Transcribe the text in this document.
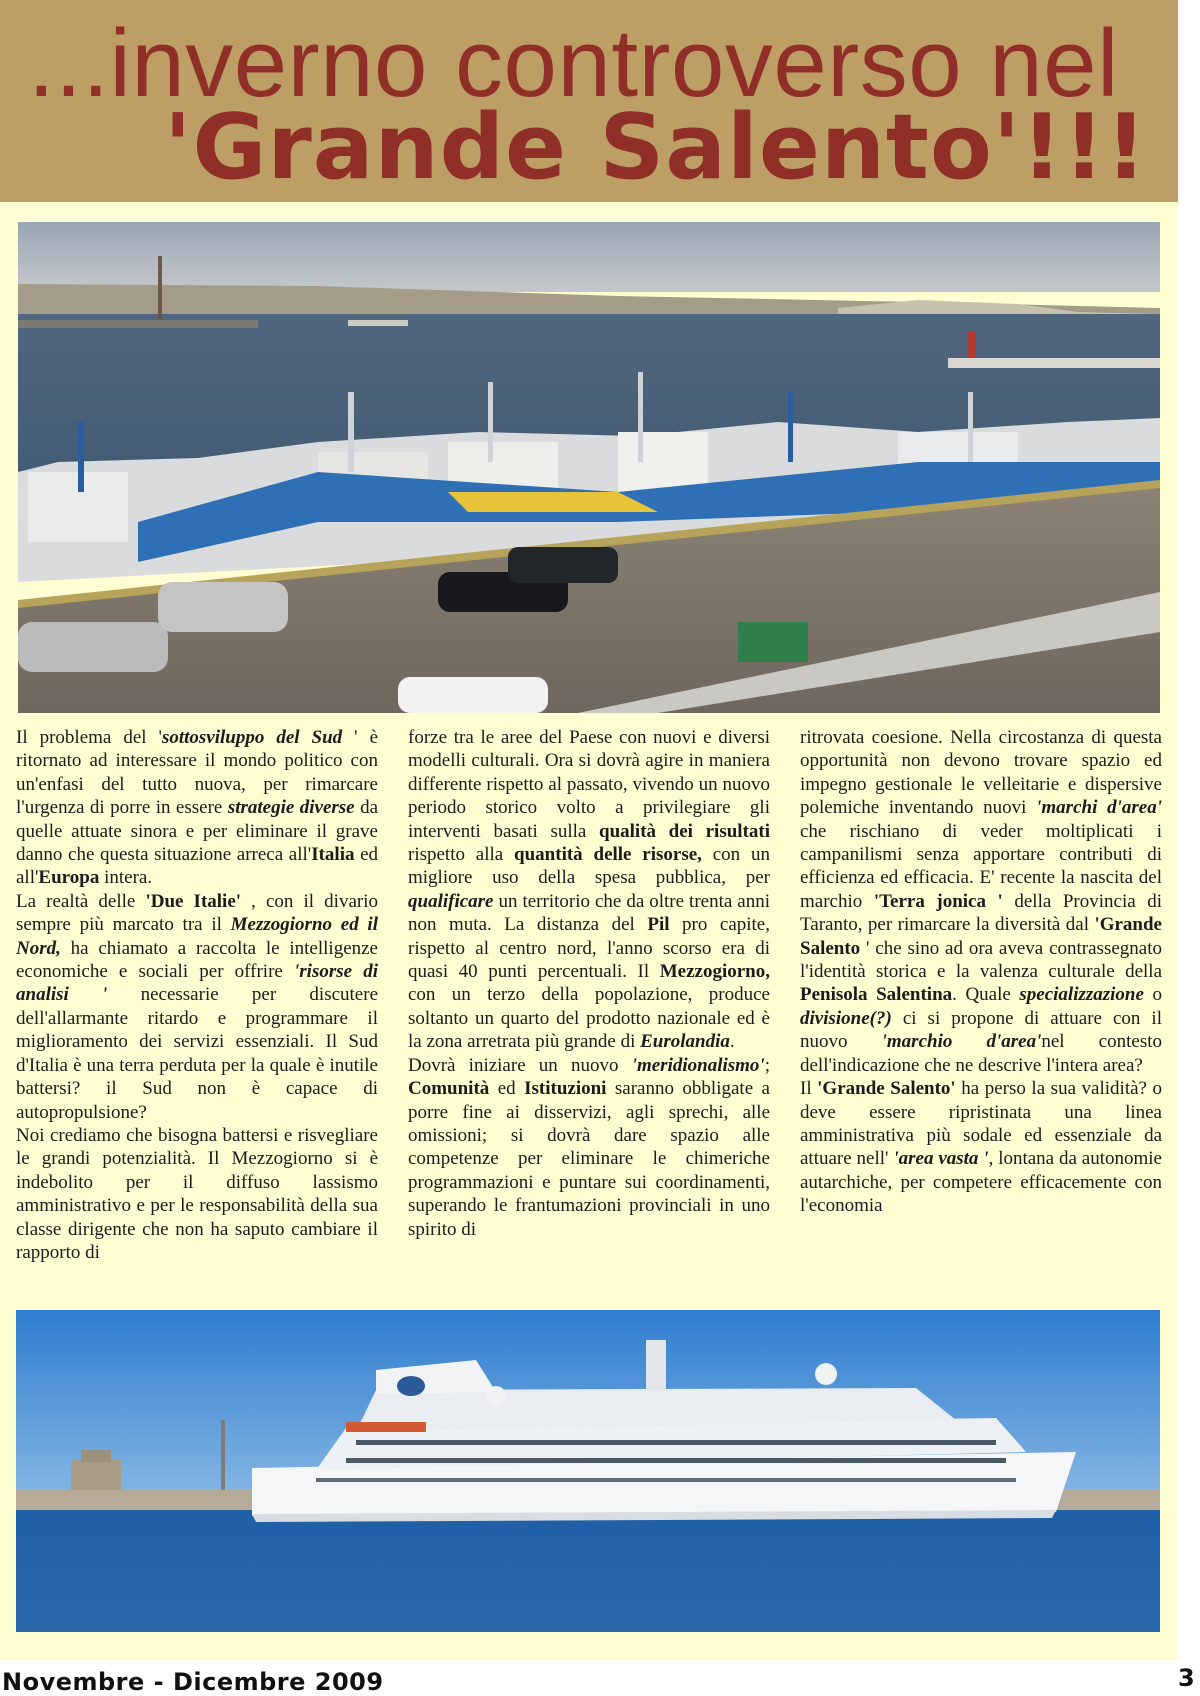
...inverno controverso nel
'Grande Salento'!!!

Il problema del 'sottosviluppo del Sud ' è ritornato ad interessare il mondo politico con un'enfasi del tutto nuova, per rimarcare l'urgenza di porre in essere strategie diverse da quelle attuate sinora e per eliminare il grave danno che questa situazione arreca all'Italia ed all'Europa intera.

La realtà delle 'Due Italie' , con il divario sempre più marcato tra il Mezzogiorno ed il Nord, ha chiamato a raccolta le intelligenze economiche e sociali per offrire 'risorse di analisi ' necessarie per discutere dell'allarmante ritardo e programmare il miglioramento dei servizi essenziali. Il Sud d'Italia è una terra perduta per la quale è inutile battersi? il Sud non è capace di autopropulsione?

Noi crediamo che bisogna battersi e risvegliare le grandi potenzialità. Il Mezzogiorno si è indebolito per il diffuso lassismo amministrativo e per le responsabilità della sua classe dirigente che non ha saputo cambiare il rapporto di

forze tra le aree del Paese con nuovi e diversi modelli culturali. Ora si dovrà agire in maniera differente rispetto al passato, vivendo un nuovo periodo storico volto a privilegiare gli interventi basati sulla qualità dei risultati rispetto alla quantità delle risorse, con un migliore uso della spesa pubblica, per qualificare un territorio che da oltre trenta anni non muta. La distanza del Pil pro capite, rispetto al centro nord, l'anno scorso era di quasi 40 punti percentuali. Il Mezzogiorno, con un terzo della popolazione, produce soltanto un quarto del prodotto nazionale ed è la zona arretrata più grande di Eurolandia.

Dovrà iniziare un nuovo 'meridionalismo'; Comunità ed Istituzioni saranno obbligate a porre fine ai disservizi, agli sprechi, alle omissioni; si dovrà dare spazio alle competenze per eliminare le chimeriche programmazioni e puntare sui coordinamenti, superando le frantumazioni provinciali in uno spirito di

ritrovata coesione. Nella circostanza di questa opportunità non devono trovare spazio ed impegno gestionale le velleitarie e dispersive polemiche inventando nuovi 'marchi d'area' che rischiano di veder moltiplicati i campanilismi senza apportare contributi di efficienza ed efficacia. E' recente la nascita del marchio 'Terra jonica ' della Provincia di Taranto, per rimarcare la diversità dal 'Grande Salento ' che sino ad ora aveva contrassegnato l'identità storica e la valenza culturale della Penisola Salentina. Quale specializzazione o divisione(?) ci si propone di attuare con il nuovo 'marchio d'area'nel contesto dell'indicazione che ne descrive l'intera area?

Il 'Grande Salento' ha perso la sua validità? o deve essere ripristinata una linea amministrativa più sodale ed essenziale da attuare nell' 'area vasta ', lontana da autonomie autarchiche, per competere efficacemente con l'economia

Novembre - Dicembre 2009	3
